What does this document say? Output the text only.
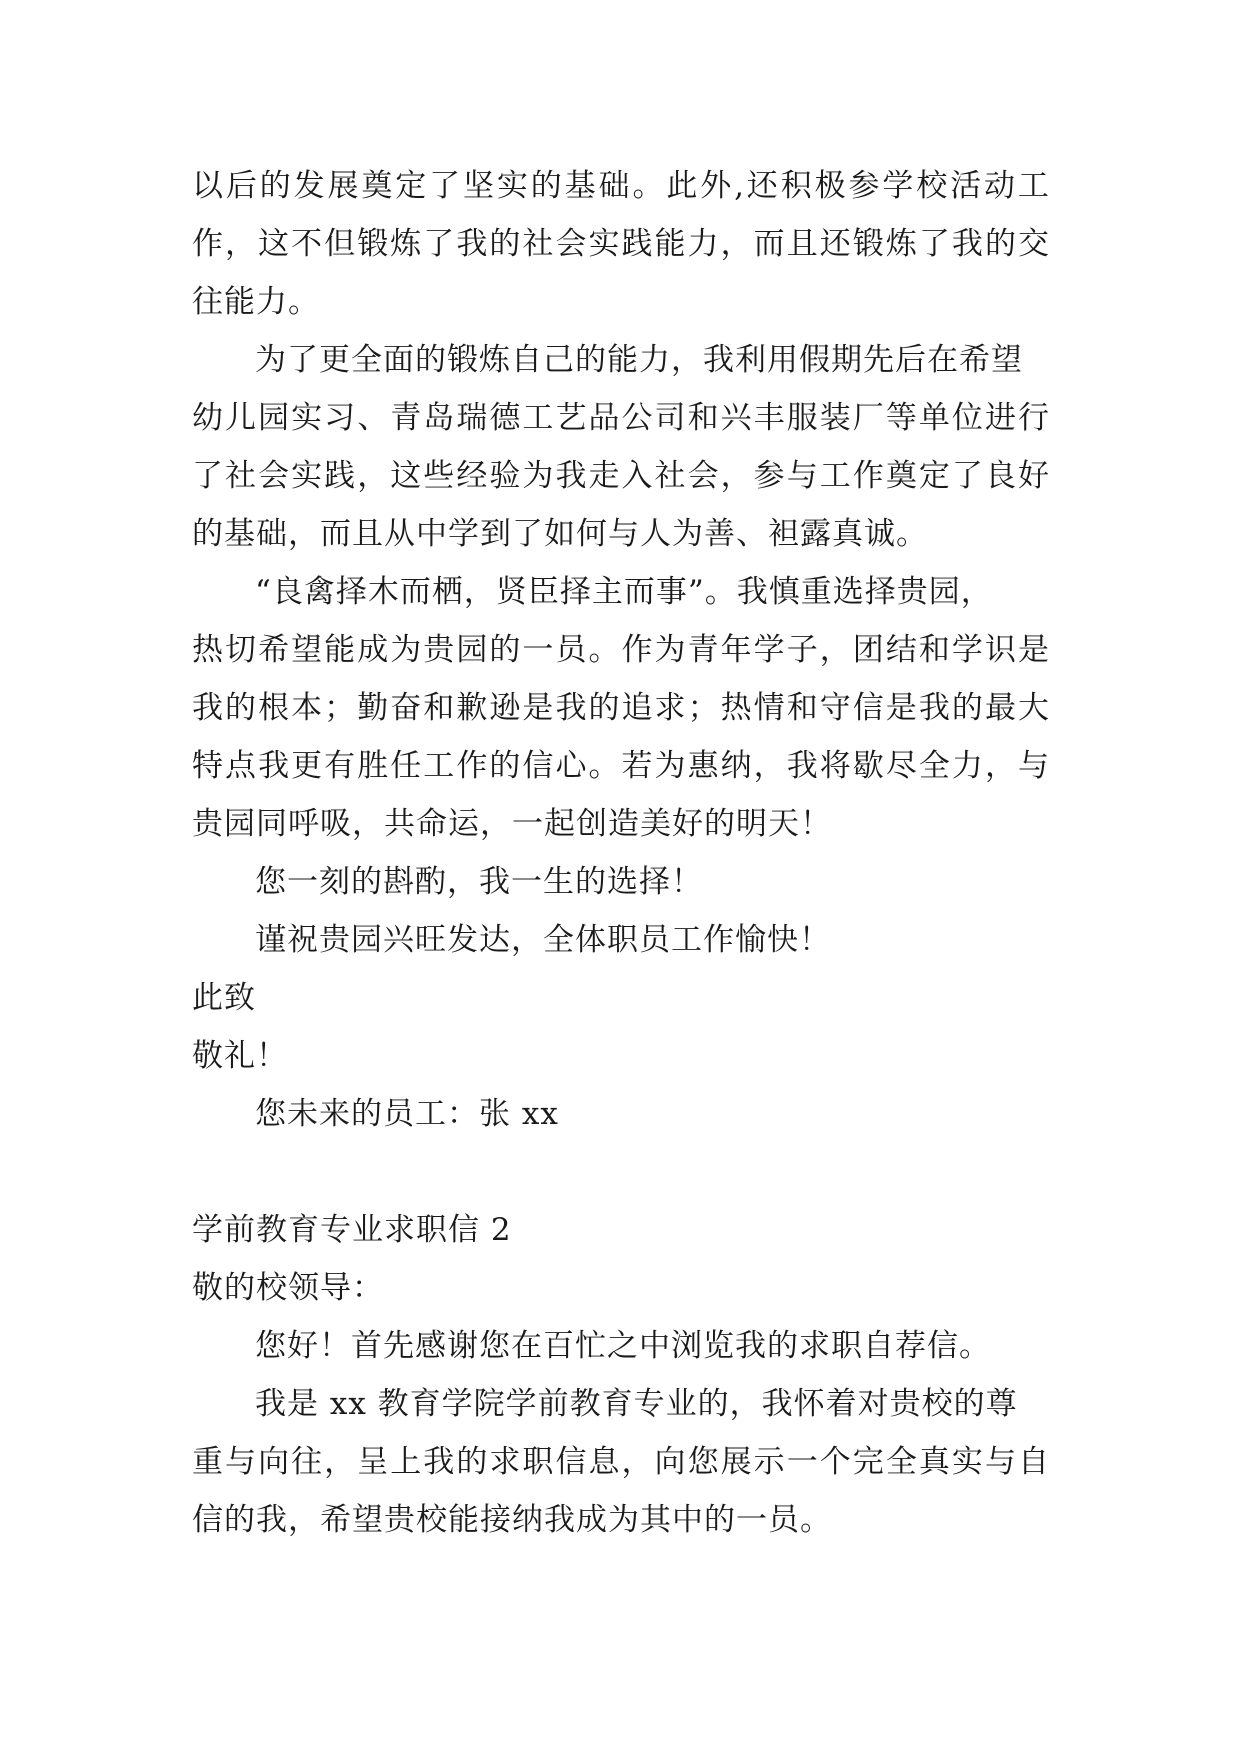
以后的发展奠定了坚实的基础。此外,还积极参学校活动工
作，这不但锻炼了我的社会实践能力，而且还锻炼了我的交
往能力。
为了更全面的锻炼自己的能力，我利用假期先后在希望
幼儿园实习、青岛瑞德工艺品公司和兴丰服装厂等单位进行
了社会实践，这些经验为我走入社会，参与工作奠定了良好
的基础，而且从中学到了如何与人为善、袒露真诚。
“良禽择木而栖，贤臣择主而事”。我慎重选择贵园，
热切希望能成为贵园的一员。作为青年学子，团结和学识是
我的根本；勤奋和歉逊是我的追求；热情和守信是我的最大
特点我更有胜任工作的信心。若为惠纳，我将歇尽全力，与
贵园同呼吸，共命运，一起创造美好的明天！
您一刻的斟酌，我一生的选择！
谨祝贵园兴旺发达，全体职员工作愉快！
此致
敬礼！
您未来的员工：张 xx
学前教育专业求职信 2
敬的校领导：
您好！首先感谢您在百忙之中浏览我的求职自荐信。
我是 xx 教育学院学前教育专业的，我怀着对贵校的尊
重与向往，呈上我的求职信息，向您展示一个完全真实与自
信的我，希望贵校能接纳我成为其中的一员。
